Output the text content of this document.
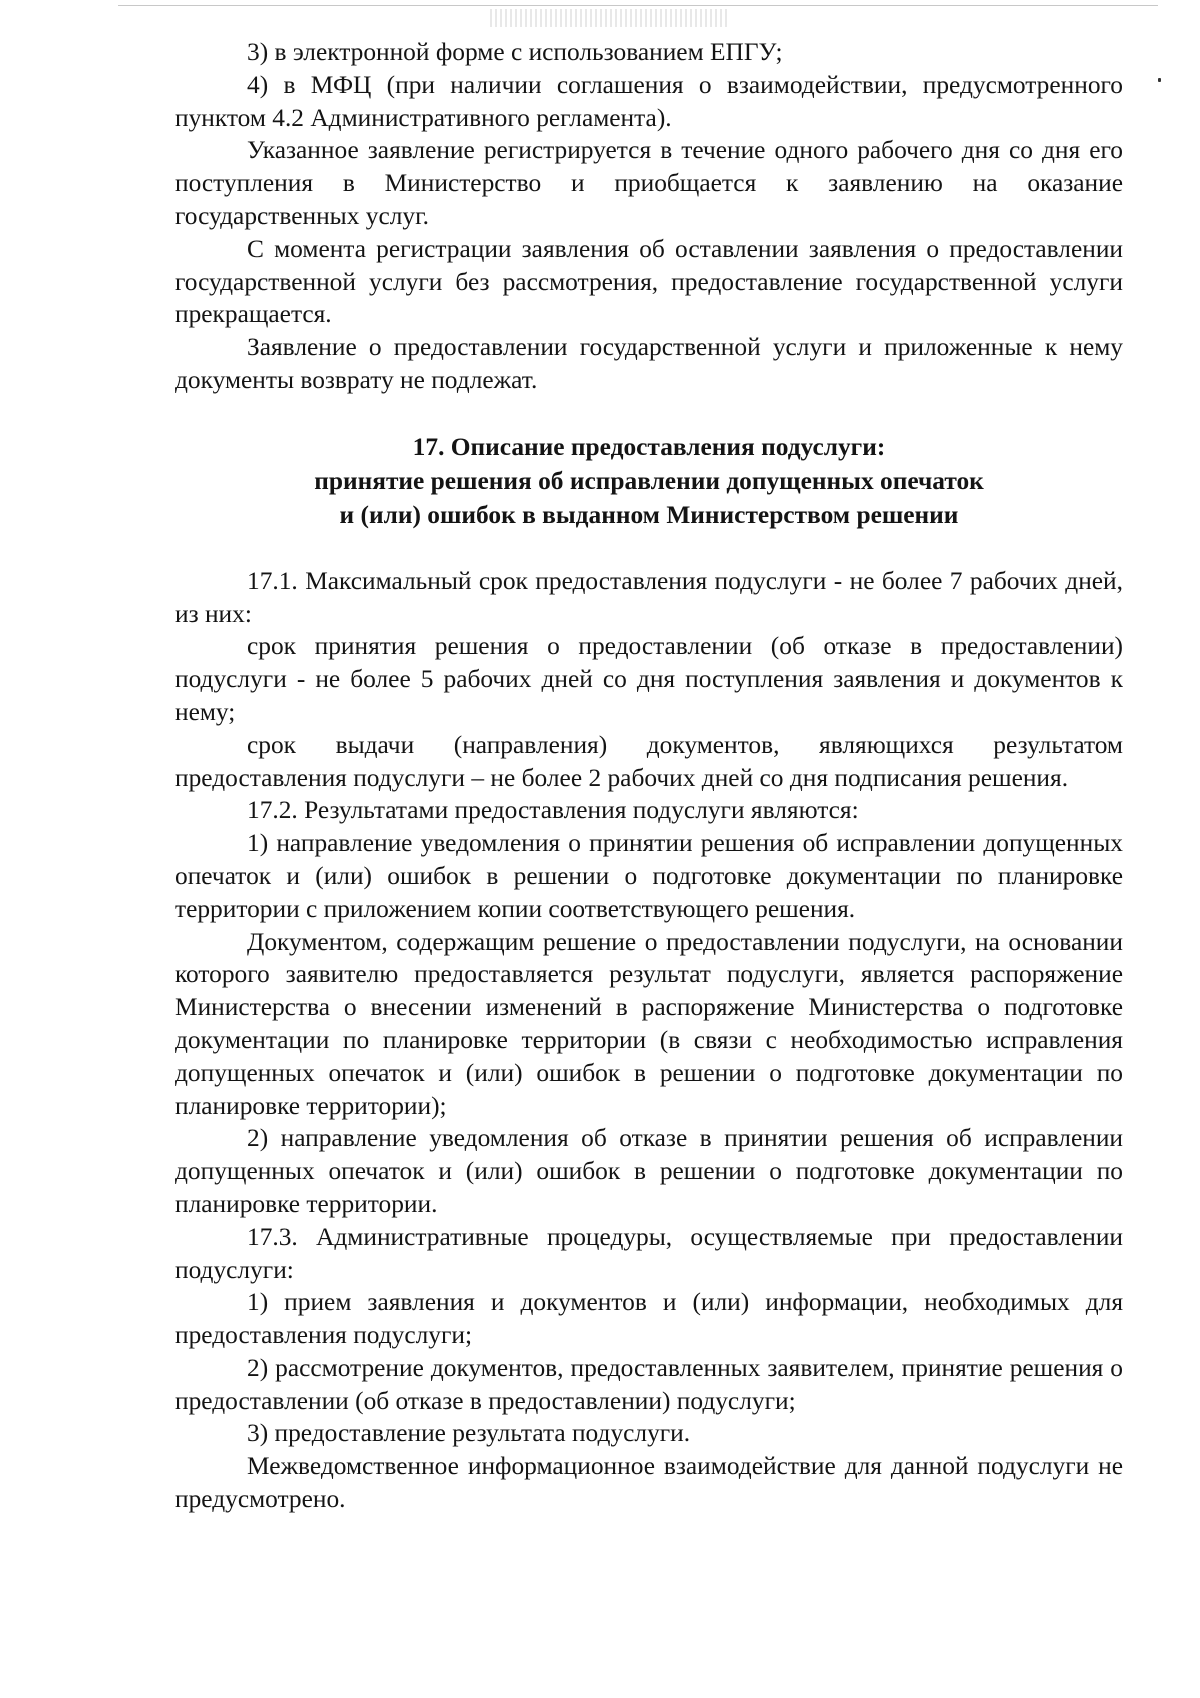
3) в электронной форме с использованием ЕПГУ;

4) в МФЦ (при наличии соглашения о взаимодействии, предусмотренного пунктом 4.2 Административного регламента).

Указанное заявление регистрируется в течение одного рабочего дня со дня его поступления в Министерство и приобщается к заявлению на оказание государственных услуг.

С момента регистрации заявления об оставлении заявления о предоставлении государственной услуги без рассмотрения, предоставление государственной услуги прекращается.

Заявление о предоставлении государственной услуги и приложенные к нему документы возврату не подлежат.

17. Описание предоставления подуслуги:
принятие решения об исправлении допущенных опечаток
и (или) ошибок в выданном Министерством решении

17.1. Максимальный срок предоставления подуслуги - не более 7 рабочих дней, из них:

срок принятия решения о предоставлении (об отказе в предоставлении) подуслуги - не более 5 рабочих дней со дня поступления заявления и документов к нему;

срок выдачи (направления) документов, являющихся результатом предоставления подуслуги – не более 2 рабочих дней со дня подписания решения.

17.2. Результатами предоставления подуслуги являются:

1) направление уведомления о принятии решения об исправлении допущенных опечаток и (или) ошибок в решении о подготовке документации по планировке территории с приложением копии соответствующего решения.

Документом, содержащим решение о предоставлении подуслуги, на основании которого заявителю предоставляется результат подуслуги, является распоряжение Министерства о внесении изменений в распоряжение Министерства о подготовке документации по планировке территории (в связи с необходимостью исправления допущенных опечаток и (или) ошибок в решении о подготовке документации по планировке территории);

2) направление уведомления об отказе в принятии решения об исправлении допущенных опечаток и (или) ошибок в решении о подготовке документации по планировке территории.

17.3. Административные процедуры, осуществляемые при предоставлении подуслуги:

1) прием заявления и документов и (или) информации, необходимых для предоставления подуслуги;

2) рассмотрение документов, предоставленных заявителем, принятие решения о предоставлении (об отказе в предоставлении) подуслуги;

3) предоставление результата подуслуги.

Межведомственное информационное взаимодействие для данной подуслуги не предусмотрено.
